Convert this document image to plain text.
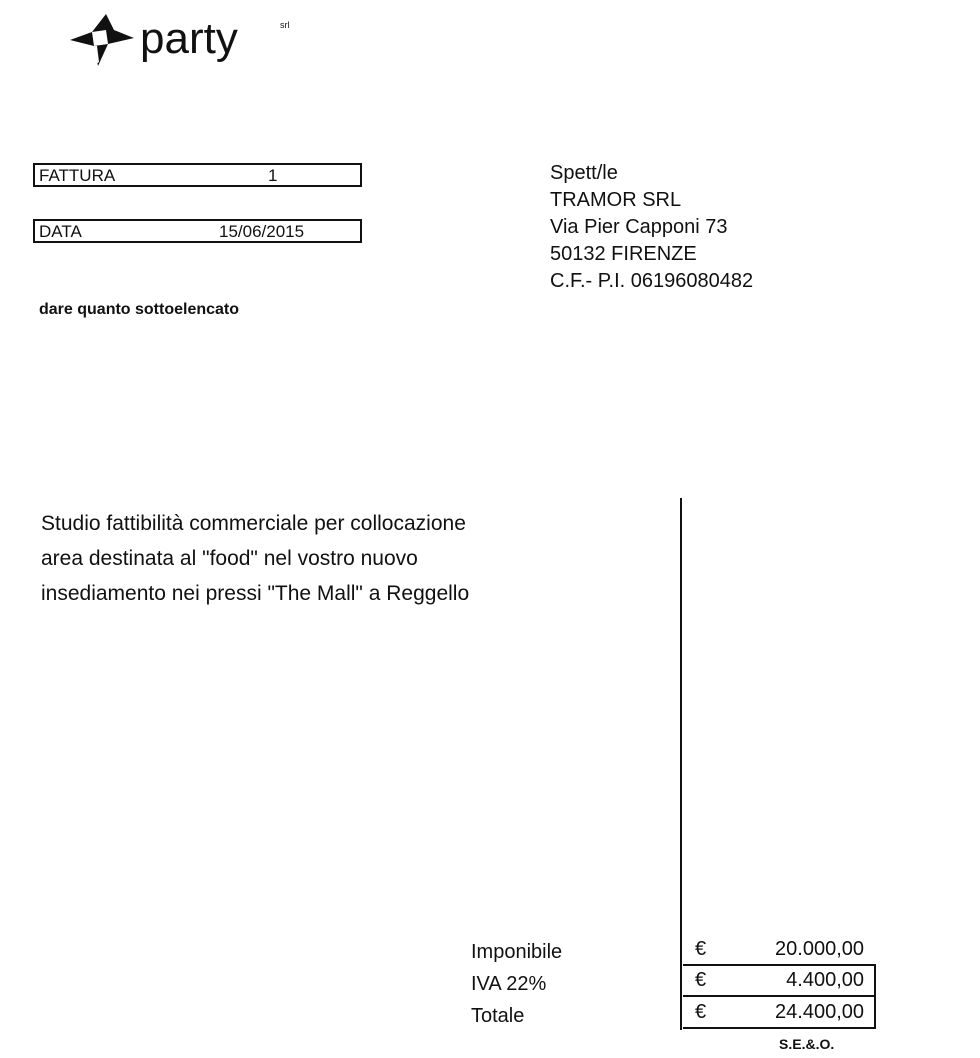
party	srl
FATTURA	1
DATA	15/06/2015
Spett/le
TRAMOR SRL
Via Pier Capponi 73
50132 FIRENZE
C.F.- P.I. 06196080482
dare quanto sottoelencato
Studio fattibilità commerciale per collocazione
area destinata al "food" nel vostro nuovo
insediamento nei pressi "The Mall" a Reggello
Imponibile	€	20.000,00
IVA 22%	€	4.400,00
Totale	€	24.400,00
S.E.&.O.
